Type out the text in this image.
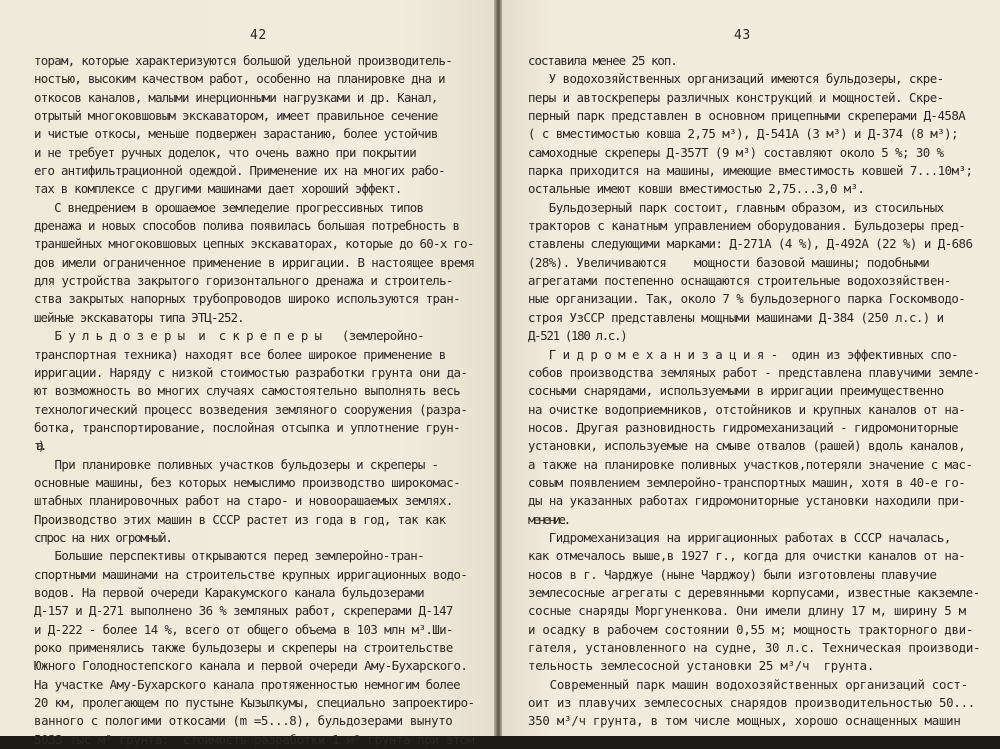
42
торам, которые характеризуются большой удельной производитель-
ностью, высоким качеством работ, особенно на планировке дна и
откосов каналов, малыми инерционными нагрузками и др. Канал,
отрытый многоковшовым экскаватором, имеет правильное сечение
и чистые откосы, меньше подвержен зарастанию, более устойчив
и не требует ручных доделок, что очень важно при покрытии
его антифильтрационной одеждой. Применение их на многих рабо-
тах в комплексе с другими машинами дает хороший эффект.
С внедрением в орошаемое земледелие прогрессивных типов
дренажа и новых способов полива появилась большая потребность в
траншейных многоковшовых цепных экскаваторах, которые до 60-х го-
дов имели ограниченное применение в ирригации. В настоящее время
для устройства закрытого горизонтального дренажа и строитель-
ства закрытых напорных трубопроводов широко используются тран-
шейные экскаваторы типа ЭТЦ-252.
Б у л ь д о з е р ы  и  с к р е п е р ы   (землеройно-
транспортная техника) находят все более широкое применение в
ирригации. Наряду с низкой стоимостью разработки грунта они да-
ют возможность во многих случаях самостоятельно выполнять весь
технологический процесс возведения земляного сооружения (разра-
ботка, транспортирование, послойная отсыпка и уплотнение грун-
та).
При планировке поливных участков бульдозеры и скреперы -
основные машины, без которых немыслимо производство широкомас-
штабных планировочных работ на старо- и новоорашаемых землях.
Производство этих машин в СССР растет из года в год, так как
спрос на них огромный.
Большие перспективы открываются перед землеройно-тран-
спортными машинами на строительстве крупных ирригационных водо-
водов. На первой очереди Каракумского канала бульдозерами
Д-157 и Д-271 выполнено 36 % земляных работ, скреперами Д-147
и Д-222 - более 14 %, всего от общего объема в 103 млн м³.Ши-
роко применялись также бульдозеры и скреперы на строительстве
Южного Голодностепского канала и первой очереди Аму-Бухарского.
На участке Аму-Бухарского канала протяженностью немногим более
20 км, пролегающем по пустыне Кызылкумы, специально запроектиро-
ванного с пологими откосами (m =5...8), бульдозерами вынуто
5033 тыс м³ грунта;  стоимость разработки 1 м³ грунта при этом
43
составила менее 25 коп.
У водохозяйственных организаций имеются бульдозеры, скре-
перы и автоскреперы различных конструкций и мощностей. Скре-
перный парк представлен в основном прицепными скреперами Д-458А
( с вместимостью ковша 2,75 м³), Д-541А (3 м³) и Д-374 (8 м³);
самоходные скреперы Д-357Т (9 м³) составляют около 5 %; 30 %
парка приходится на машины, имеющие вместимость ковшей 7...10м³;
остальные имеют ковши вместимостью 2,75...3,0 м³.
Бульдозерный парк состоит, главным образом, из стосильных
тракторов с канатным управлением оборудования. Бульдозеры пред-
ставлены следующими марками: Д-271А (4 %), Д-492А (22 %) и Д-686
(28%). Увеличиваются    мощности базовой машины; подобными
агрегатами постепенно оснащаются строительные водохозяйствен-
ные организации. Так, около 7 % бульдозерного парка Госкомводо-
строя УзССР представлены мощными машинами Д-384 (250 л.с.) и
Д-521 (180 л.с.)
Г и д р о м е х а н и з а ц и я -  один из эффективных спо-
собов производства земляных работ - представлена плавучими земле-
сосными снарядами, используемыми в ирригации преимущественно
на очистке водоприемников, отстойников и крупных каналов от на-
носов. Другая разновидность гидромеханизаций - гидромониторные
установки, используемые на смыве отвалов (рашей) вдоль каналов,
а также на планировке поливных участков,потеряли значение с мас-
совым появлением землеройно-транспортных машин, хотя в 40-е го-
ды на указанных работах гидромониторные установки находили при-
менение.
Гидромеханизация на ирригационных работах в СССР началась,
как отмечалось выше,в 1927 г., когда для очистки каналов от на-
носов в г. Чарджуе (ныне Чарджоу) были изготовлены плавучие
землесосные агрегаты с деревянными корпусами, известные какземле-
сосные снаряды Моргуненкова. Они имели длину 17 м, ширину 5 м
и осадку в рабочем состоянии 0,55 м; мощность тракторного дви-
гателя, установленного на судне, 30 л.с. Техническая производи-
тельность землесосной установки 25 м³/ч  грунта.
Современный парк машин водохозяйственных организаций сост-
оит из плавучих землесосных снарядов производительностью 50...
350 м³/ч грунта, в том числе мощных, хорошо оснащенных машин
